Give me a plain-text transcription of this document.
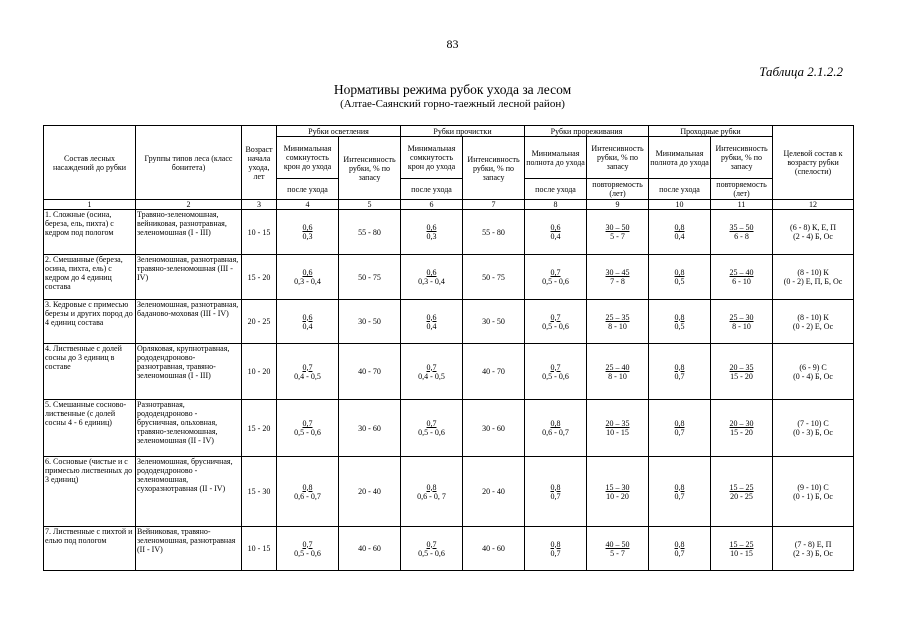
83
Таблица 2.1.2.2
Нормативы режима рубок ухода за лесом
(Алтае-Саянский горно-таежный лесной район)
Состав лесных насаждений до рубки	Группы типов леса (класс бонитета)	Возраст начала ухода, лет	Рубки осветления		Рубки прочистки		Рубки прореживания		Проходные рубки		Целевой состав к возрасту рубки (спелости)
			Минимальная сомкнутость крон до ухода	Интенсивность рубки, % по запасу	Минимальная сомкнутость крон до ухода	Интенсивность рубки, % по запасу	Минимальная полнота до ухода	Интенсивность рубки, % по запасу	Минимальная полнота до ухода	Интенсивность рубки, % по запасу	
			после ухода		после ухода		после ухода	повторяемость (лет)	после ухода	повторяемость (лет)	
1	2	3	4	5	6	7	8	9	10	11	12
1. Сложные (осина, береза, ель, пихта) с кедром под пологом	Травяно-зеленомошная, вейниковая, разнотравная, зеленомошная (I - III)	10 - 15	$\frac{0,6}{0,3}$	55 - 80	$\frac{0,6}{0,3}$	55 - 80	$\frac{0,6}{0,4}$	$\frac{30 - 50}{5 - 7}$	$\frac{0,8}{0,4}$	$\frac{35 - 50}{6 - 8}$	(6 - 8) К, Е, П
(2 - 4) Б, Ос
2. Смешанные (береза, осина, пихта, ель) с кедром до 4 единиц состава	Зеленомошная, разнотравная, травяно-зеленомошная (III - IV)	15 - 20	$\frac{0,6}{0,3 - 0,4}$	50 - 75	$\frac{0,6}{0,3 - 0,4}$	50 - 75	$\frac{0,7}{0,5 - 0,6}$	$\frac{30 - 45}{7 - 8}$	$\frac{0,8}{0,5}$	$\frac{25 - 40}{6 - 10}$	(8 - 10) К
(0 - 2) Е, П, Б, Ос
3. Кедровые с примесью березы и других пород до 4 единиц состава	Зеленомошная, разнотравная, баданово-моховая (III - IV)	20 - 25	$\frac{0,6}{0,4}$	30 - 50	$\frac{0,6}{0,4}$	30 - 50	$\frac{0,7}{0,5 - 0,6}$	$\frac{25 - 35}{8 - 10}$	$\frac{0,8}{0,5}$	$\frac{25 - 30}{8 - 10}$	(8 - 10) К
(0 - 2) Е, Ос
4. Лиственные с долей сосны до 3 единиц в составе	Орляковая, крупнотравная, рододендроново-разнотравная, травяно-зеленомошная (I - III)	10 - 20	$\frac{0,7}{0,4 - 0,5}$	40 - 70	$\frac{0,7}{0,4 - 0,5}$	40 - 70	$\frac{0,7}{0,5 - 0,6}$	$\frac{25 - 40}{8 - 10}$	$\frac{0,8}{0,7}$	$\frac{20 - 35}{15 - 20}$	(6 - 9) С
(0 - 4) Б, Ос
5. Смешанные сосново-лиственные (с долей сосны 4 - 6 единиц)	Разнотравная, рододендроново - брусничная, ольховная, травяно-зеленомошная, зеленомошная (II - IV)	15 - 20	$\frac{0,7}{0,5 - 0,6}$	30 - 60	$\frac{0,7}{0,5 - 0,6}$	30 - 60	$\frac{0,8}{0,6 - 0,7}$	$\frac{20 - 35}{10 - 15}$	$\frac{0,8}{0,7}$	$\frac{20 - 30}{15 - 20}$	(7 - 10) С
(0 - 3) Б, Ос
6. Сосновые (чистые и с примесью лиственных до 3 единиц)	Зеленомошная, брусничная, рододендроново - зеленомошная, сухоразнотравная (II - IV)	15 - 30	$\frac{0,8}{0,6 - 0,7}$	20 - 40	$\frac{0,8}{0,6 - 0, 7}$	20 - 40	$\frac{0,8}{0,7}$	$\frac{15 - 30}{10 - 20}$	$\frac{0,8}{0,7}$	$\frac{15 - 25}{20 - 25}$	(9 - 10) С
(0 - 1) Б, Ос
7. Лиственные с пихтой и елью под пологом	Вейниковая, травяно-зеленомошная, разнотравная (II - IV)	10 - 15	$\frac{0,7}{0,5 - 0,6}$	40 - 60	$\frac{0,7}{0,5 - 0,6}$	40 - 60	$\frac{0,8}{0,7}$	$\frac{40 - 50}{5 - 7}$	$\frac{0,8}{0,7}$	$\frac{15 - 25}{10 - 15}$	(7 - 8) Е, П
(2 - 3) Б, Ос
